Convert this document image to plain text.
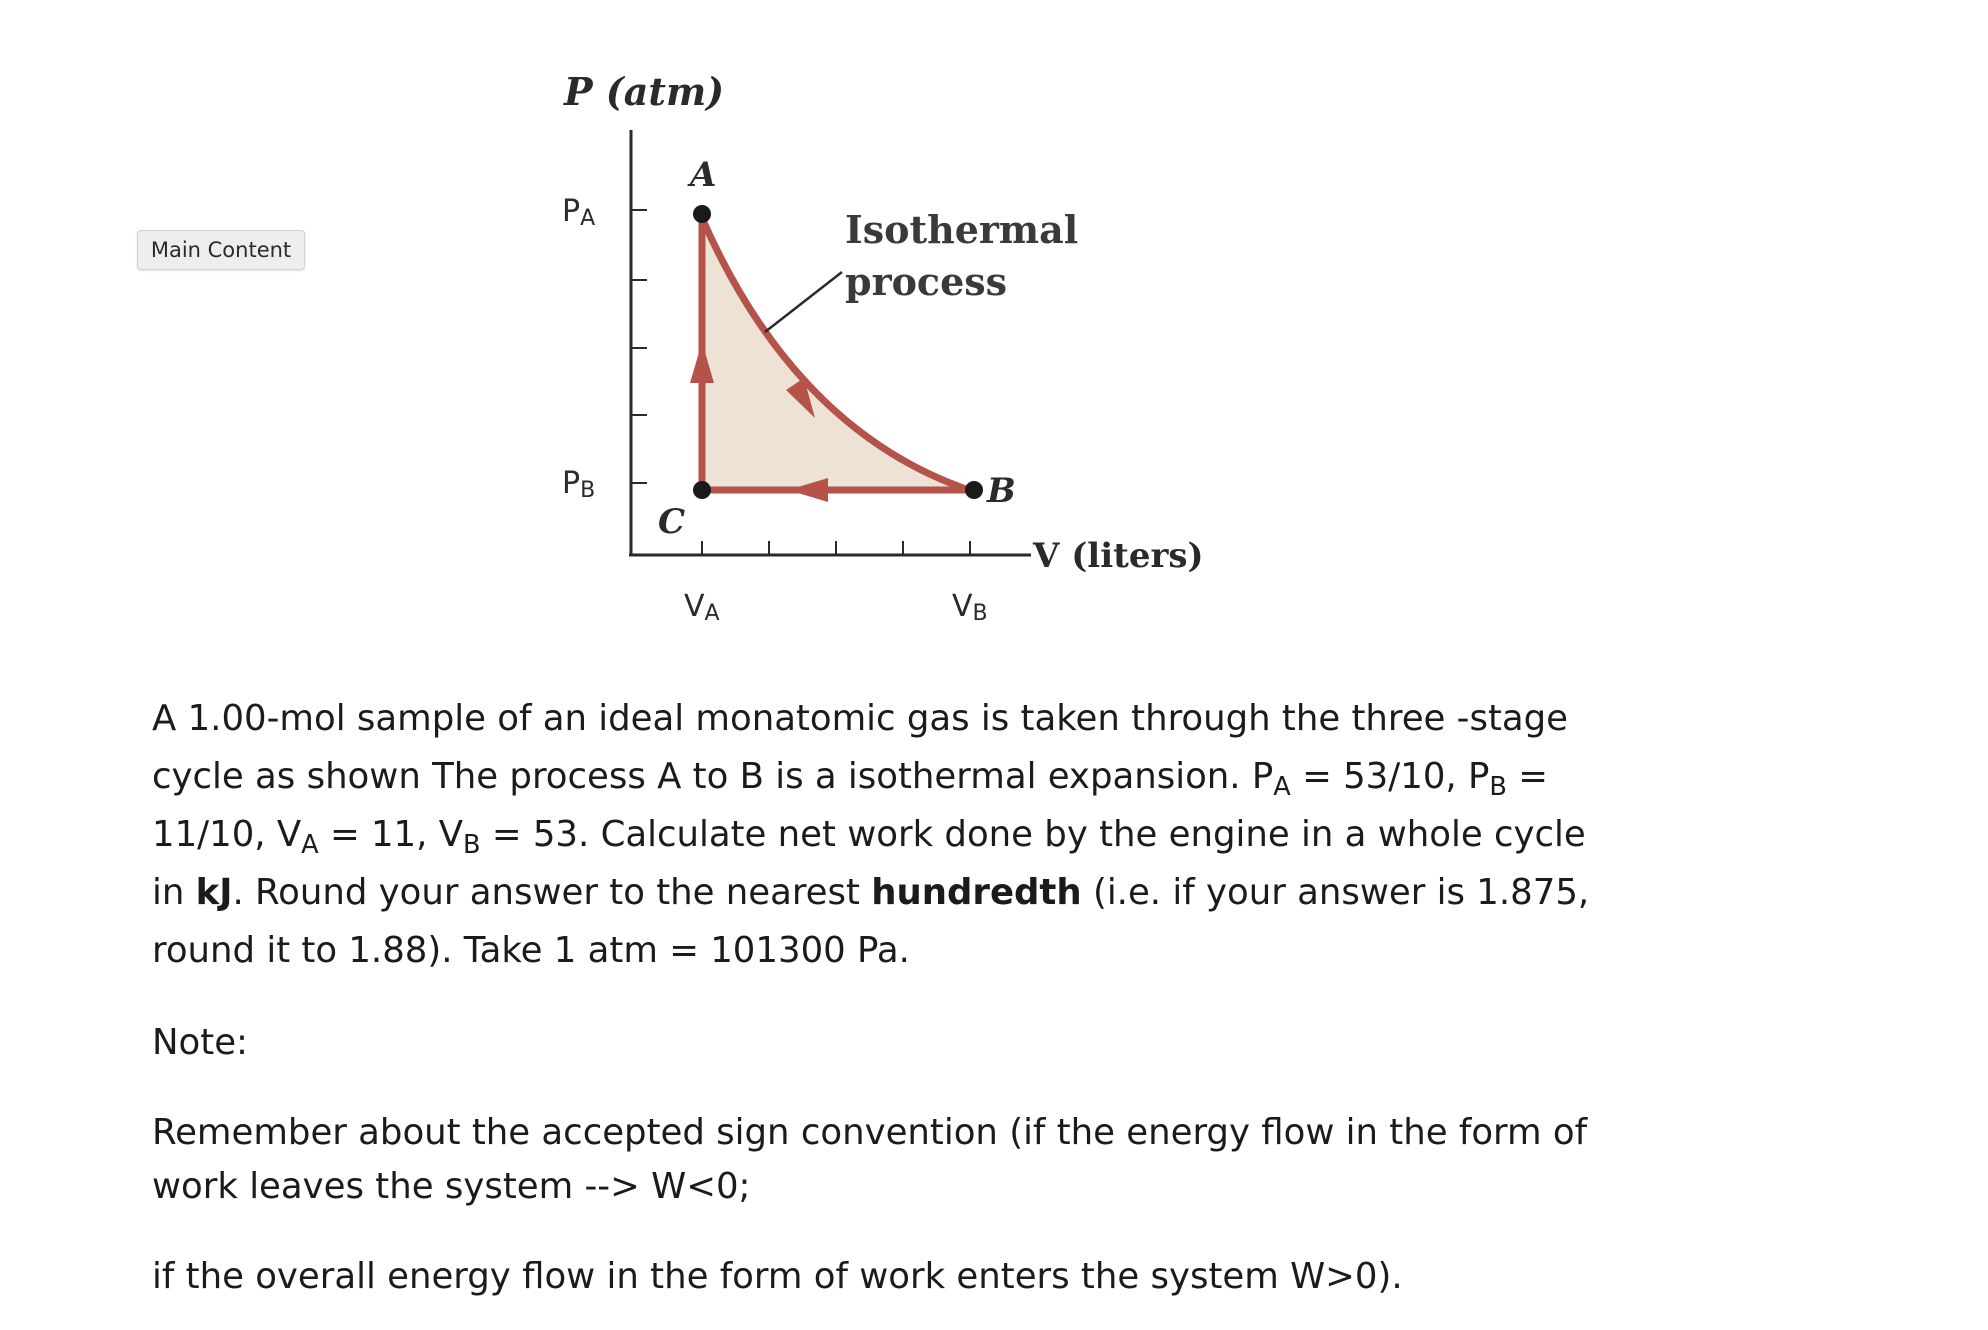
Main Content
P (atm)
V (liters)
PA
PB
VA	VB
A
B
C
Isothermal
process

A 1.00-mol sample of an ideal monatomic gas is taken through the three -stage cycle as shown The process A to B is a isothermal expansion. $P_A = 53/10$, $P_B = 11/10$, $V_A = 11$, $V_B = 53$. Calculate net work done by the engine in a whole cycle in kJ. Round your answer to the nearest hundredth (i.e. if your answer is 1.875, round it to 1.88). Take 1 atm = 101300 Pa.

Note:

Remember about the accepted sign convention (if the energy flow in the form of work leaves the system --> W<0;

if the overall energy flow in the form of work enters the system W>0).
